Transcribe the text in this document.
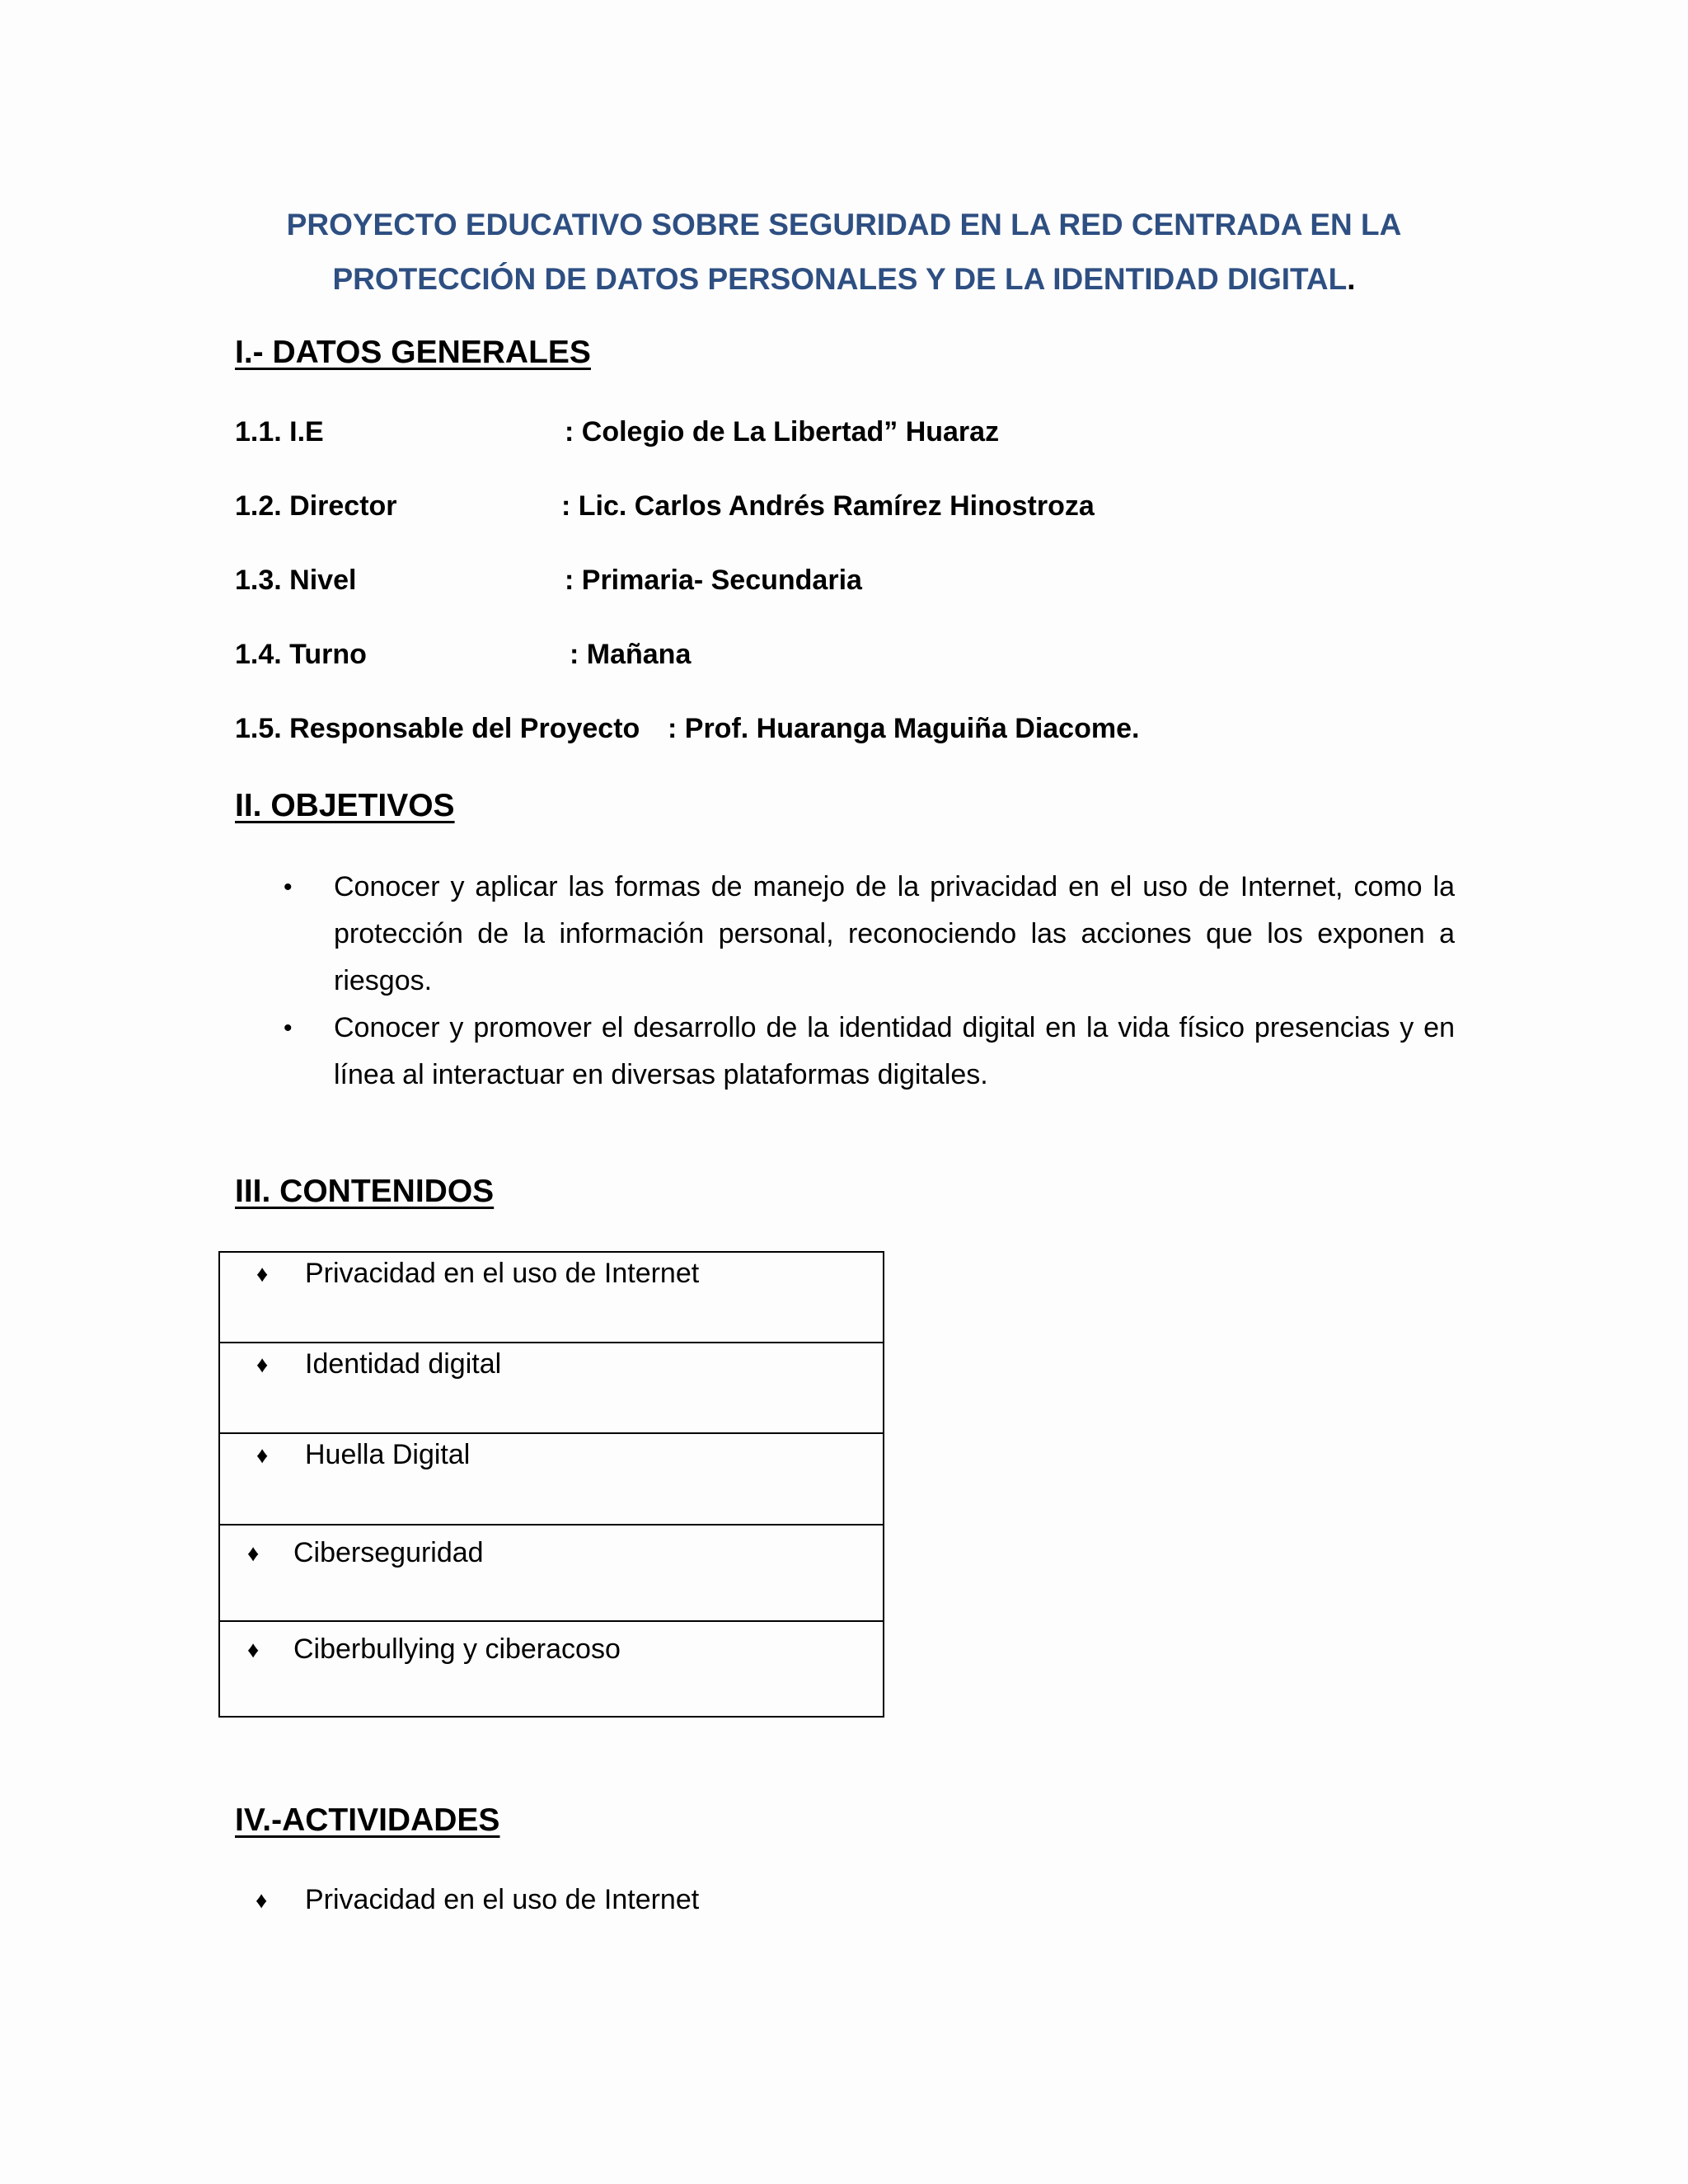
PROYECTO EDUCATIVO SOBRE SEGURIDAD EN LA RED CENTRADA EN LA
PROTECCIÓN DE DATOS PERSONALES Y DE LA IDENTIDAD DIGITAL.
I.- DATOS GENERALES
1.1. I.E	: Colegio de La Libertad” Huaraz
1.2. Director	: Lic. Carlos Andrés Ramírez Hinostroza
1.3. Nivel	: Primaria- Secundaria
1.4. Turno	: Mañana
1.5. Responsable del Proyecto : Prof. Huaranga Maguiña Diacome.
II. OBJETIVOS
• Conocer y aplicar las formas de manejo de la privacidad en el uso de Internet, como la protección de la información personal, reconociendo las acciones que los exponen a riesgos.
• Conocer y promover el desarrollo de la identidad digital en la vida físico presencias y en línea al interactuar en diversas plataformas digitales.
III. CONTENIDOS
♦ Privacidad en el uso de Internet
♦ Identidad digital
♦ Huella Digital
♦ Ciberseguridad
♦ Ciberbullying y ciberacoso
IV.-ACTIVIDADES
♦ Privacidad en el uso de Internet
